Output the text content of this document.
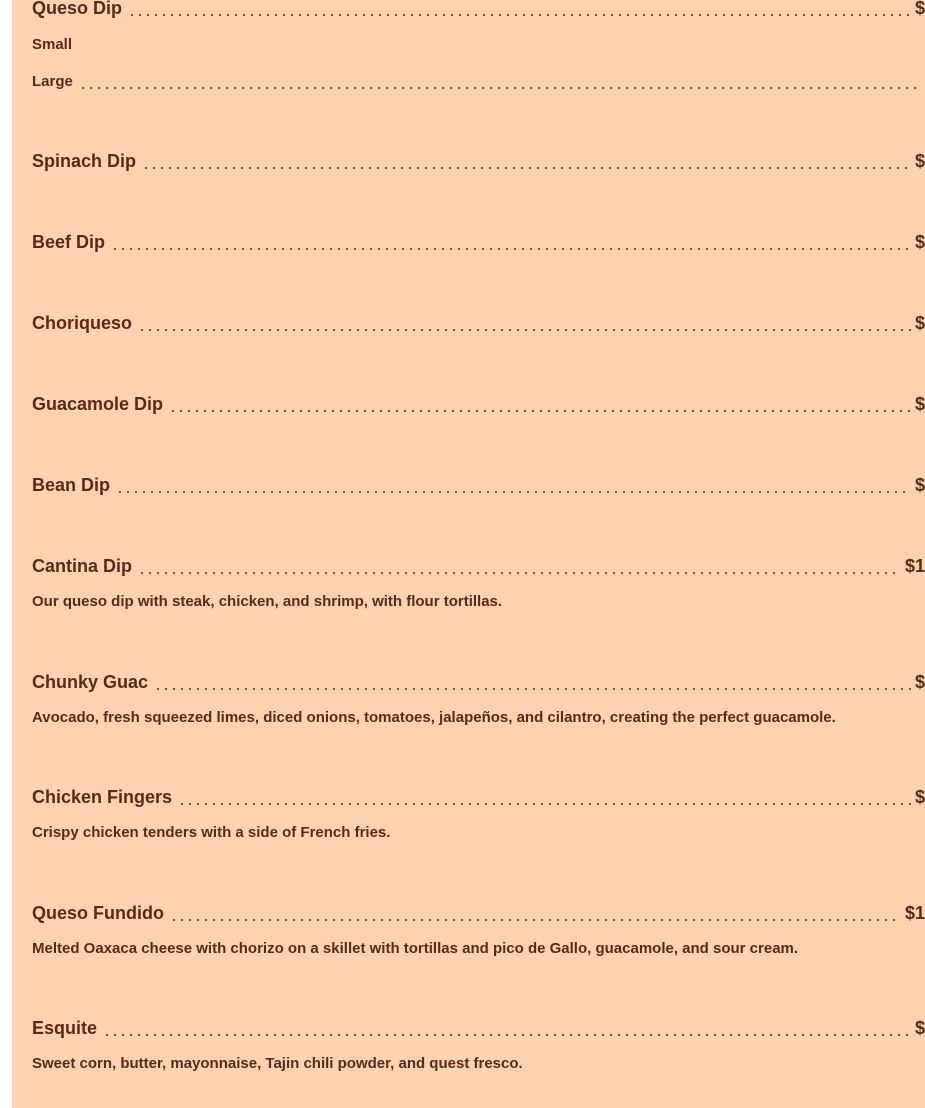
Queso Dip	$
Small
Large
Spinach Dip	$
Beef Dip	$
Choriqueso	$
Guacamole Dip	$
Bean Dip	$
Cantina Dip	$1
Our queso dip with steak, chicken, and shrimp, with flour tortillas.
Chunky Guac	$
Avocado, fresh squeezed limes, diced onions, tomatoes, jalapeños, and cilantro, creating the perfect guacamole.
Chicken Fingers	$
Crispy chicken tenders with a side of French fries.
Queso Fundido	$1
Melted Oaxaca cheese with chorizo on a skillet with tortillas and pico de Gallo, guacamole, and sour cream.
Esquite	$
Sweet corn, butter, mayonnaise, Tajin chili powder, and quest fresco.
